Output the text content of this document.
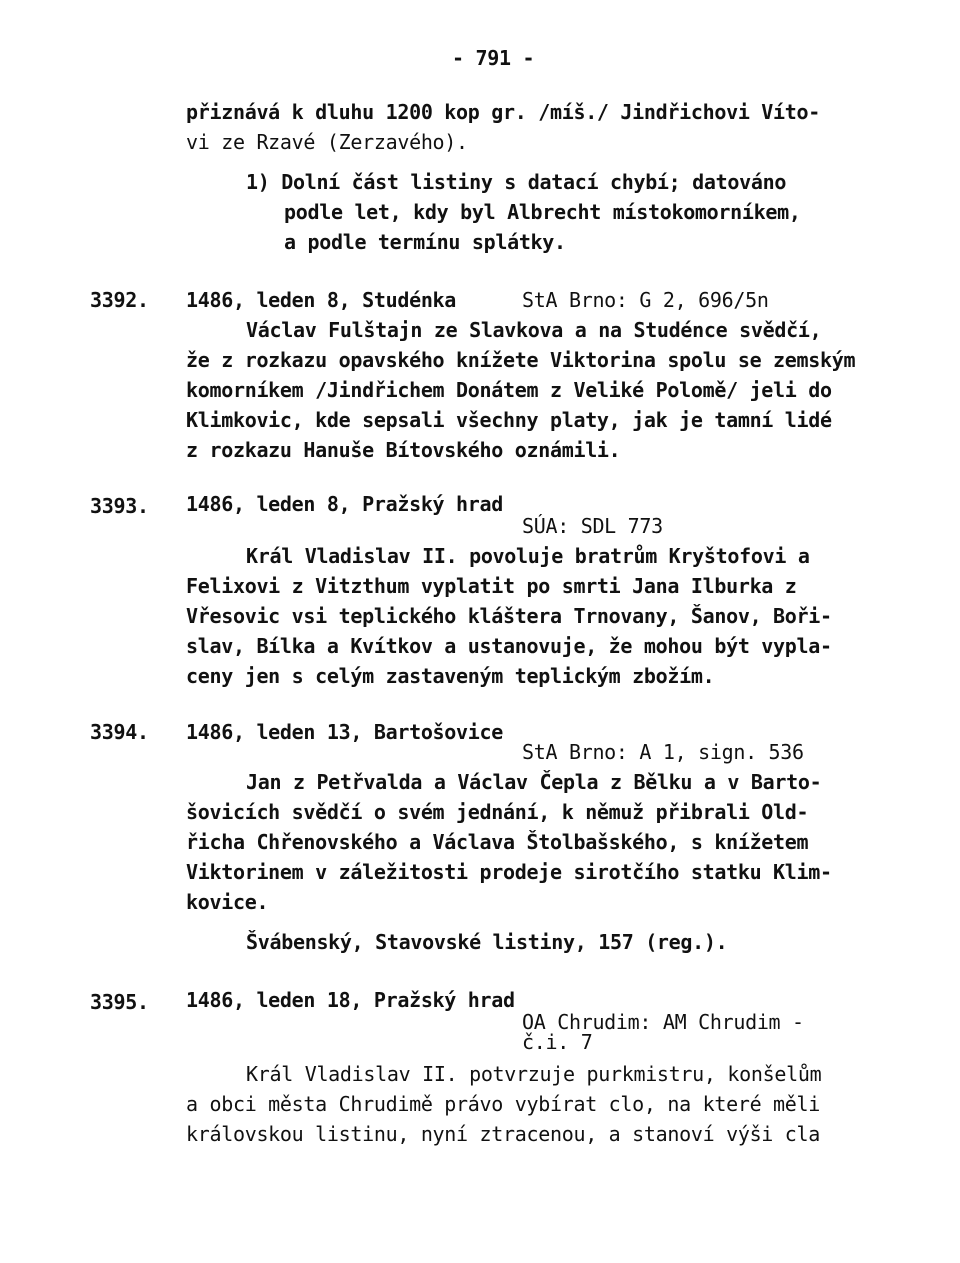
- 791 -
přiznává k dluhu 1200 kop gr. /míš./ Jindřichovi Víto-
vi ze Rzavé (Zerzavého).
1) Dolní část listiny s datací chybí; datováno
podle let, kdy byl Albrecht místokomorníkem,
a podle termínu splátky.
3392. 1486, leden 8, Studénka	StA Brno: G 2, 696/5n
Václav Fulštajn ze Slavkova a na Studénce svědčí,
že z rozkazu opavského knížete Viktorina spolu se zemským
komorníkem /Jindřichem Donátem z Veliké Polomě/ jeli do
Klimkovic, kde sepsali všechny platy, jak je tamní lidé
z rozkazu Hanuše Bítovského oznámili.
3393. 1486, leden 8, Pražský hrad
SÚA: SDL 773
Král Vladislav II. povoluje bratrům Kryštofovi a
Felixovi z Vitzthum vyplatit po smrti Jana Ilburka z
Vřesovic vsi teplického kláštera Trnovany, Šanov, Boři-
slav, Bílka a Kvítkov a ustanovuje, že mohou být vypla-
ceny jen s celým zastaveným teplickým zbožím.
3394. 1486, leden 13, Bartošovice
StA Brno: A 1, sign. 536
Jan z Petřvalda a Václav Čepla z Bělku a v Barto-
šovicích svědčí o svém jednání, k němuž přibrali Old-
řicha Chřenovského a Václava Štolbašského, s knížetem
Viktorinem v záležitosti prodeje sirotčího statku Klim-
kovice.
Švábenský, Stavovské listiny, 157 (reg.).
3395. 1486, leden 18, Pražský hrad
OA Chrudim: AM Chrudim -
č.i. 7
Král Vladislav II. potvrzuje purkmistru, konšelům
a obci města Chrudimě právo vybírat clo, na které měli
královskou listinu, nyní ztracenou, a stanoví výši cla
